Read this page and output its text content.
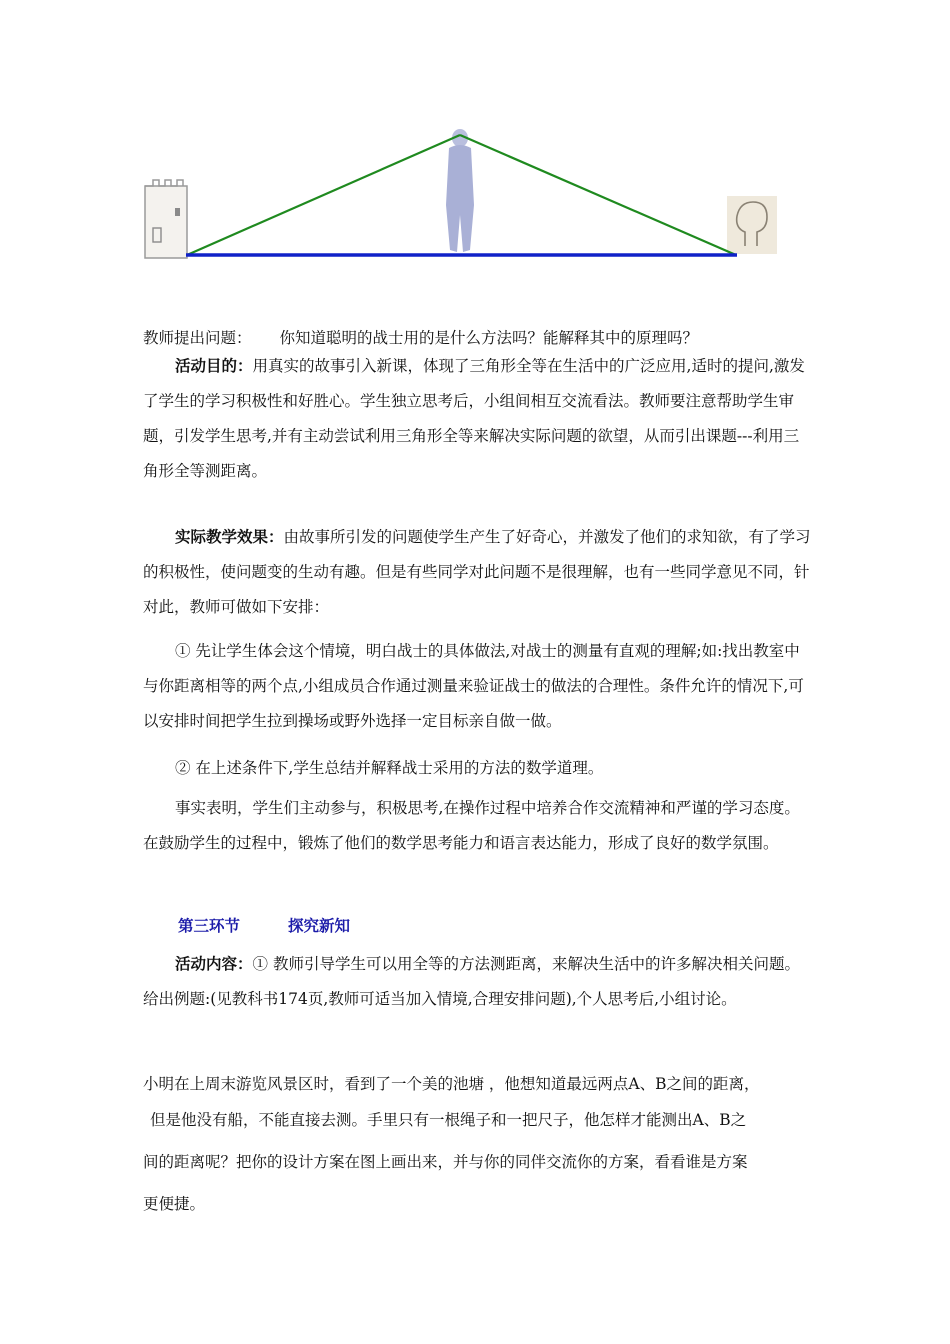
教师提出问题： 你知道聪明的战士用的是什么方法吗？能解释其中的原理吗？

活动目的：用真实的故事引入新课，体现了三角形全等在生活中的广泛应用,适时的提问,激发了学生的学习积极性和好胜心。学生独立思考后，小组间相互交流看法。教师要注意帮助学生审题，引发学生思考,并有主动尝试利用三角形全等来解决实际问题的欲望，从而引出课题---利用三角形全等测距离。

实际教学效果：由故事所引发的问题使学生产生了好奇心，并激发了他们的求知欲，有了学习的积极性，使问题变的生动有趣。但是有些同学对此问题不是很理解，也有一些同学意见不同，针对此，教师可做如下安排：

① 先让学生体会这个情境，明白战士的具体做法,对战士的测量有直观的理解;如:找出教室中与你距离相等的两个点,小组成员合作通过测量来验证战士的做法的合理性。条件允许的情况下,可以安排时间把学生拉到操场或野外选择一定目标亲自做一做。

② 在上述条件下,学生总结并解释战士采用的方法的数学道理。

事实表明，学生们主动参与，积极思考,在操作过程中培养合作交流精神和严谨的学习态度。在鼓励学生的过程中，锻炼了他们的数学思考能力和语言表达能力，形成了良好的数学氛围。

第三环节	探究新知

活动内容：① 教师引导学生可以用全等的方法测距离，来解决生活中的许多解决相关问题。给出例题:(见教科书174页,教师可适当加入情境,合理安排问题),个人思考后,小组讨论。

小明在上周末游览风景区时，看到了一个美的池塘 ，他想知道最远两点A、B之间的距离，
但是他没有船，不能直接去测。手里只有一根绳子和一把尺子，他怎样才能测出A、B之
间的距离呢？把你的设计方案在图上画出来，并与你的同伴交流你的方案，看看谁是方案
更便捷。
